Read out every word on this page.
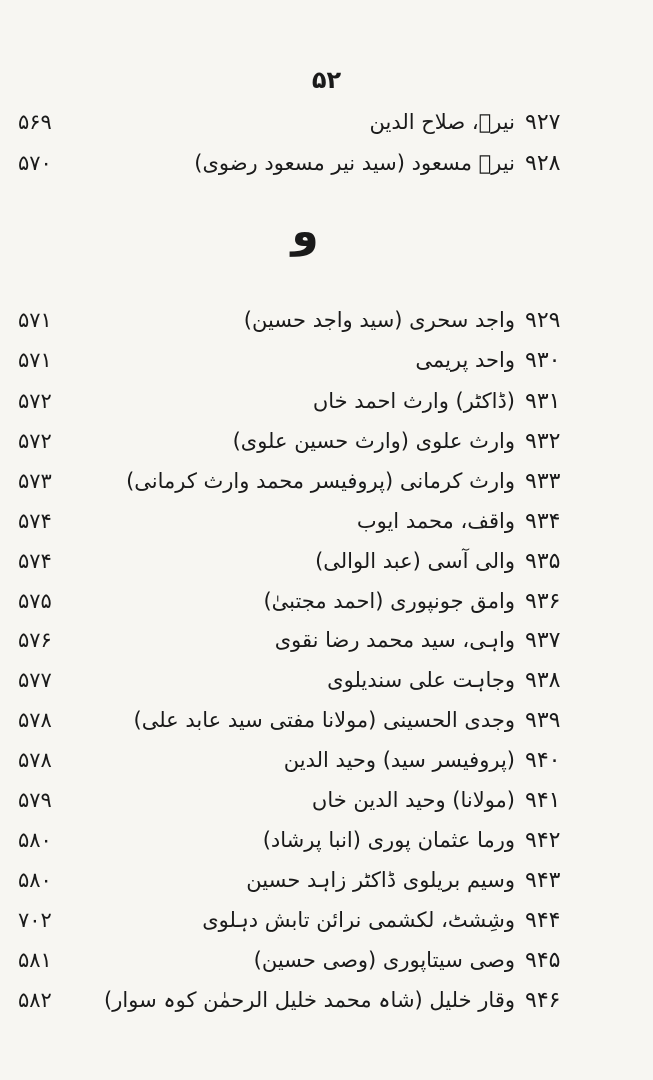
۵۲
۹۲۷
نیرؔ، صلاح الدین
۵۶۹
۹۲۸
نیرؔ مسعود (سید نیر مسعود رضوی)
۵۷۰
و
۹۲۹
واجد سحری (سید واجد حسین)
۵۷۱
۹۳۰
واحد پریمی
۵۷۱
۹۳۱
(ڈاکٹر) وارث احمد خاں
۵۷۲
۹۳۲
وارث علوی (وارث حسین علوی)
۵۷۲
۹۳۳
وارث کرمانی (پروفیسر محمد وارث کرمانی)
۵۷۳
۹۳۴
واقف، محمد ایوب
۵۷۴
۹۳۵
والی آسی (عبد الوالی)
۵۷۴
۹۳۶
وامق جونپوری (احمد مجتبیٰ)
۵۷۵
۹۳۷
واہی، سید محمد رضا نقوی
۵۷۶
۹۳۸
وجاہت علی سندیلوی
۵۷۷
۹۳۹
وجدی الحسینی (مولانا مفتی سید عابد علی)
۵۷۸
۹۴۰
(پروفیسر سید) وحید الدین
۵۷۸
۹۴۱
(مولانا) وحید الدین خاں
۵۷۹
۹۴۲
ورما عثمان پوری (انبا پرشاد)
۵۸۰
۹۴۳
وسیم بریلوی ڈاکٹر زاہد حسین
۵۸۰
۹۴۴
وشِشٹ، لکشمی نرائن تابش دہلوی
۷۰۲
۹۴۵
وصی سیتاپوری (وصی حسین)
۵۸۱
۹۴۶
وقار خلیل (شاہ محمد خلیل الرحمٰن کوہ سوار)
۵۸۲
